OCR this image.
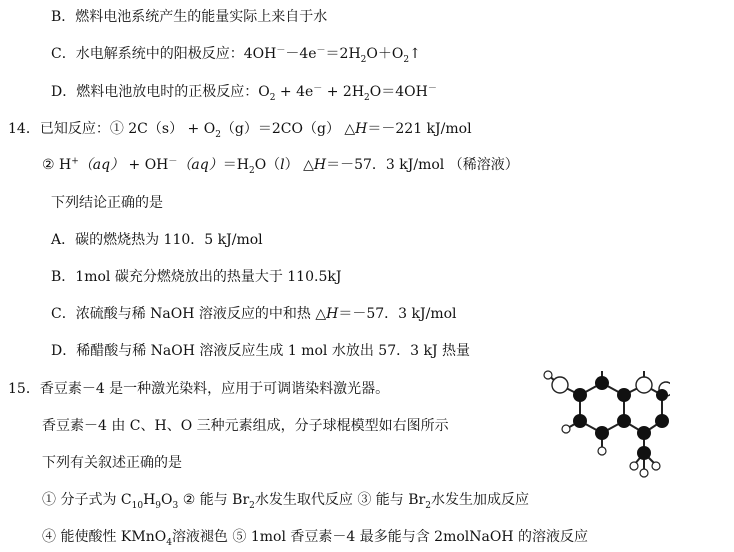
B．燃料电池系统产生的能量实际上来自于水
C．水电解系统中的阳极反应：$4OH^--4e^-=2H_2O+O_2↑$
D．燃料电池放电时的正极反应：$O_2 + 4e^- + 2H_2O=4OH^-$
14．已知反应：① $2C(s) + O_2(g)=2CO(g)$ △H＝－221 kJ/mol
② $H^+(aq) + OH^-(aq)=H_2O(l)$ △H＝－57．3 kJ/mol （稀溶液）
下列结论正确的是
A．碳的燃烧热为 110．5 kJ/mol
B．1mol 碳充分燃烧放出的热量大于 110.5kJ
C．浓硫酸与稀 NaOH 溶液反应的中和热 △H＝－57．3 kJ/mol
D．稀醋酸与稀 NaOH 溶液反应生成 1 mol 水放出 57．3 kJ 热量
15．香豆素－4 是一种激光染料，应用于可调谐染料激光器。
香豆素－4 由 C、H、O 三种元素组成，分子球棍模型如右图所示
下列有关叙述正确的是
① 分子式为 $C_{10}H_9O_3$ ② 能与 $Br_2$水发生取代反应 ③ 能与 $Br_2$水发生加成反应
④ 能使酸性 KMnO$_4$溶液褪色 ⑤ 1mol 香豆素－4 最多能与含 2molNaOH 的溶液反应
